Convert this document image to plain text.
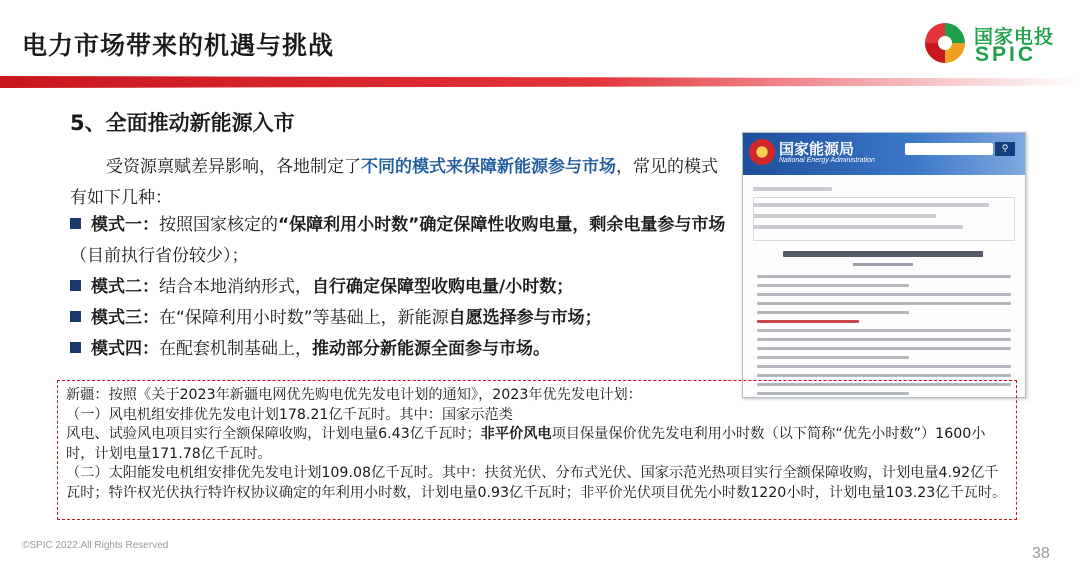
电力市场带来的机遇与挑战	国家电投
SPIC
5、全面推动新能源入市
受资源禀赋差异影响，各地制定了不同的模式来保障新能源参与市场，常见的模式有如下几种：
模式一：按照国家核定的“保障利用小时数”确定保障性收购电量，剩余电量参与市场（目前执行省份较少）；
模式二：结合本地消纳形式，自行确定保障型收购电量/小时数；
模式三：在“保障利用小时数”等基础上，新能源自愿选择参与市场；
模式四：在配套机制基础上，推动部分新能源全面参与市场。
国家能源局
National Energy Administration
⚲
新疆：按照《关于2023年新疆电网优先购电优先发电计划的通知》，2023年优先发电计划：
（一）风电机组安排优先发电计划178.21亿千瓦时。其中：国家示范类
风电、试验风电项目实行全额保障收购，计划电量6.43亿千瓦时；非平价风电项目保量保价优先发电利用小时数（以下简称“优先小时数”）1600小时，计划电量171.78亿千瓦时。
（二）太阳能发电机组安排优先发电计划109.08亿千瓦时。其中：扶贫光伏、分布式光伏、国家示范光热项目实行全额保障收购，计划电量4.92亿千瓦时；特许权光伏执行特许权协议确定的年利用小时数，计划电量0.93亿千瓦时；非平价光伏项目优先小时数1220小时，计划电量103.23亿千瓦时。
©SPIC 2022.All Rights Reserved	38
